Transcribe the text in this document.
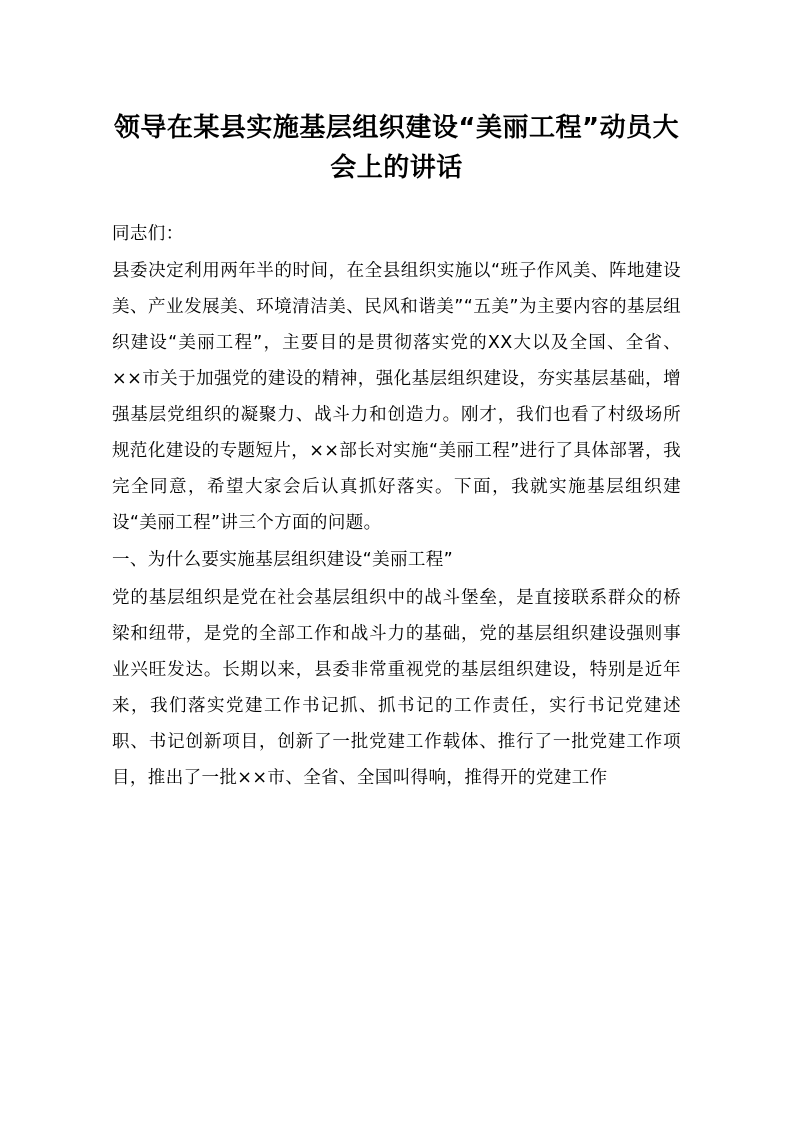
领导在某县实施基层组织建设“美丽工程”动员大会上的讲话

同志们：

县委决定利用两年半的时间，在全县组织实施以“班子作风美、阵地建设美、产业发展美、环境清洁美、民风和谐美”“五美”为主要内容的基层组织建设“美丽工程”，主要目的是贯彻落实党的XX大以及全国、全省、××市关于加强党的建设的精神，强化基层组织建设，夯实基层基础，增强基层党组织的凝聚力、战斗力和创造力。刚才，我们也看了村级场所规范化建设的专题短片，××部长对实施“美丽工程”进行了具体部署，我完全同意，希望大家会后认真抓好落实。下面，我就实施基层组织建设“美丽工程”讲三个方面的问题。

一、为什么要实施基层组织建设“美丽工程”

党的基层组织是党在社会基层组织中的战斗堡垒，是直接联系群众的桥梁和纽带，是党的全部工作和战斗力的基础，党的基层组织建设强则事业兴旺发达。长期以来，县委非常重视党的基层组织建设，特别是近年来，我们落实党建工作书记抓、抓书记的工作责任，实行书记党建述职、书记创新项目，创新了一批党建工作载体、推行了一批党建工作项目，推出了一批××市、全省、全国叫得响，推得开的党建工作
